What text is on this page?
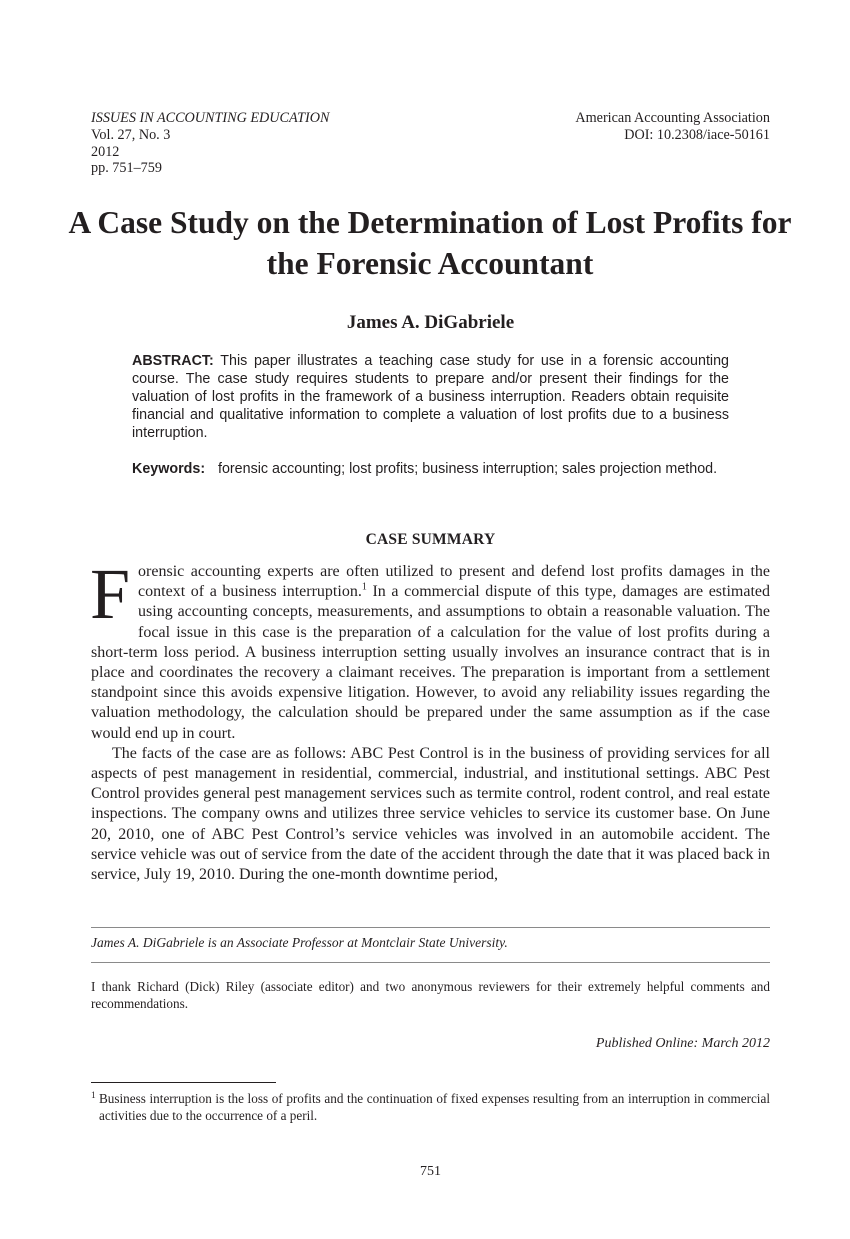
ISSUES IN ACCOUNTING EDUCATION
Vol. 27, No. 3
2012
pp. 751–759
American Accounting Association
DOI: 10.2308/iace-50161
A Case Study on the Determination of Lost Profits for the Forensic Accountant
James A. DiGabriele

ABSTRACT: This paper illustrates a teaching case study for use in a forensic accounting course. The case study requires students to prepare and/or present their findings for the valuation of lost profits in the framework of a business interruption. Readers obtain requisite financial and qualitative information to complete a valuation of lost profits due to a business interruption.

Keywords: forensic accounting; lost profits; business interruption; sales projection method.
CASE SUMMARY

Forensic accounting experts are often utilized to present and defend lost profits damages in the context of a business interruption.$^1$ In a commercial dispute of this type, damages are estimated using accounting concepts, measurements, and assumptions to obtain a reasonable valuation. The focal issue in this case is the preparation of a calculation for the value of lost profits during a short-term loss period. A business interruption setting usually involves an insurance contract that is in place and coordinates the recovery a claimant receives. The preparation is important from a settlement standpoint since this avoids expensive litigation. However, to avoid any reliability issues regarding the valuation methodology, the calculation should be prepared under the same assumption as if the case would end up in court.

The facts of the case are as follows: ABC Pest Control is in the business of providing services for all aspects of pest management in residential, commercial, industrial, and institutional settings. ABC Pest Control provides general pest management services such as termite control, rodent control, and real estate inspections. The company owns and utilizes three service vehicles to service its customer base. On June 20, 2010, one of ABC Pest Control’s service vehicles was involved in an automobile accident. The service vehicle was out of service from the date of the accident through the date that it was placed back in service, July 19, 2010. During the one-month downtime period,

James A. DiGabriele is an Associate Professor at Montclair State University.

I thank Richard (Dick) Riley (associate editor) and two anonymous reviewers for their extremely helpful comments and recommendations.

Published Online: March 2012
1 Business interruption is the loss of profits and the continuation of fixed expenses resulting from an interruption in commercial activities due to the occurrence of a peril.
751
